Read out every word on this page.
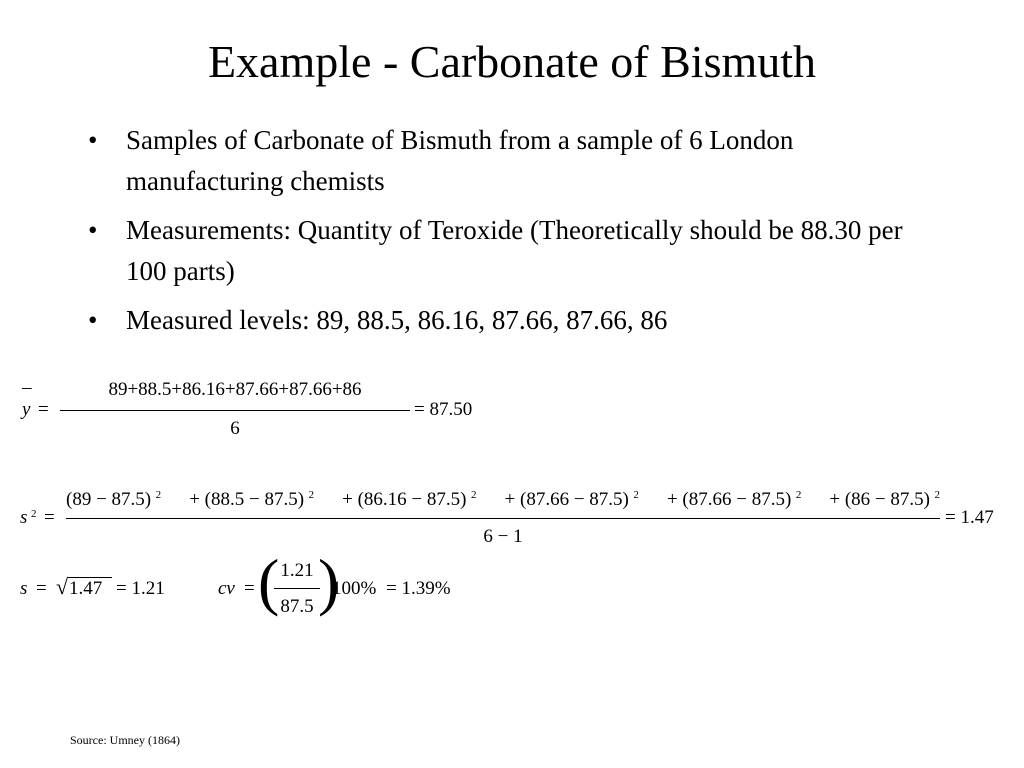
Example - Carbonate of Bismuth
• Samples of Carbonate of Bismuth from a sample of 6 London manufacturing chemists
• Measurements: Quantity of Teroxide (Theoretically should be 88.30 per 100 parts)
• Measured levels: 89, 88.5, 86.16, 87.66, 87.66, 86
–
y =
89+88.5+86.16+87.66+87.66+86
6
= 87.50
s 2 =
(89 − 87.5) 2 + (88.5 − 87.5) 2 + (86.16 − 87.5) 2 + (87.66 − 87.5) 2 + (87.66 − 87.5) 2 + (86 − 87.5) 2
6 − 1
= 1.47
s = √ 1.47 = 1.21	cv = ( 1.21
87.5 )
100% = 1.39%
Source: Umney (1864)
